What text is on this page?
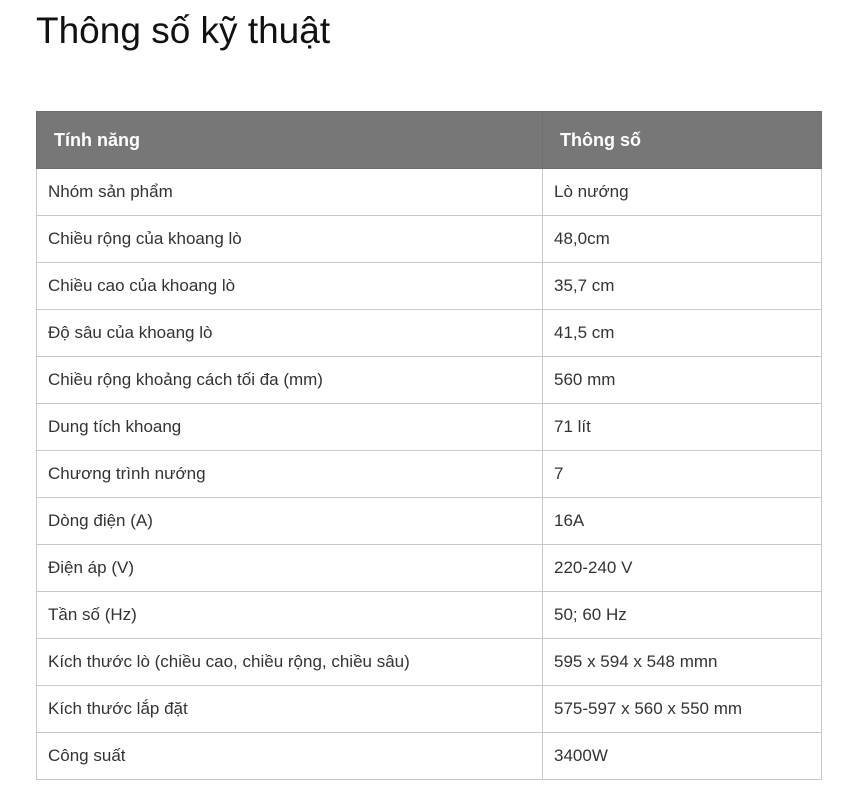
Thông số kỹ thuật
Tính năng	Thông số
Nhóm sản phẩm	Lò nướng
Chiều rộng của khoang lò	48,0cm
Chiều cao của khoang lò	35,7 cm
Độ sâu của khoang lò	41,5 cm
Chiều rộng khoảng cách tối đa (mm)	560 mm
Dung tích khoang	71 lít
Chương trình nướng	7
Dòng điện (A)	16A
Điện áp (V)	220-240 V
Tần số (Hz)	50; 60 Hz
Kích thước lò (chiều cao, chiều rộng, chiều sâu)	595 x 594 x 548 mmn
Kích thước lắp đặt	575-597 x 560 x 550 mm
Công suất	3400W
